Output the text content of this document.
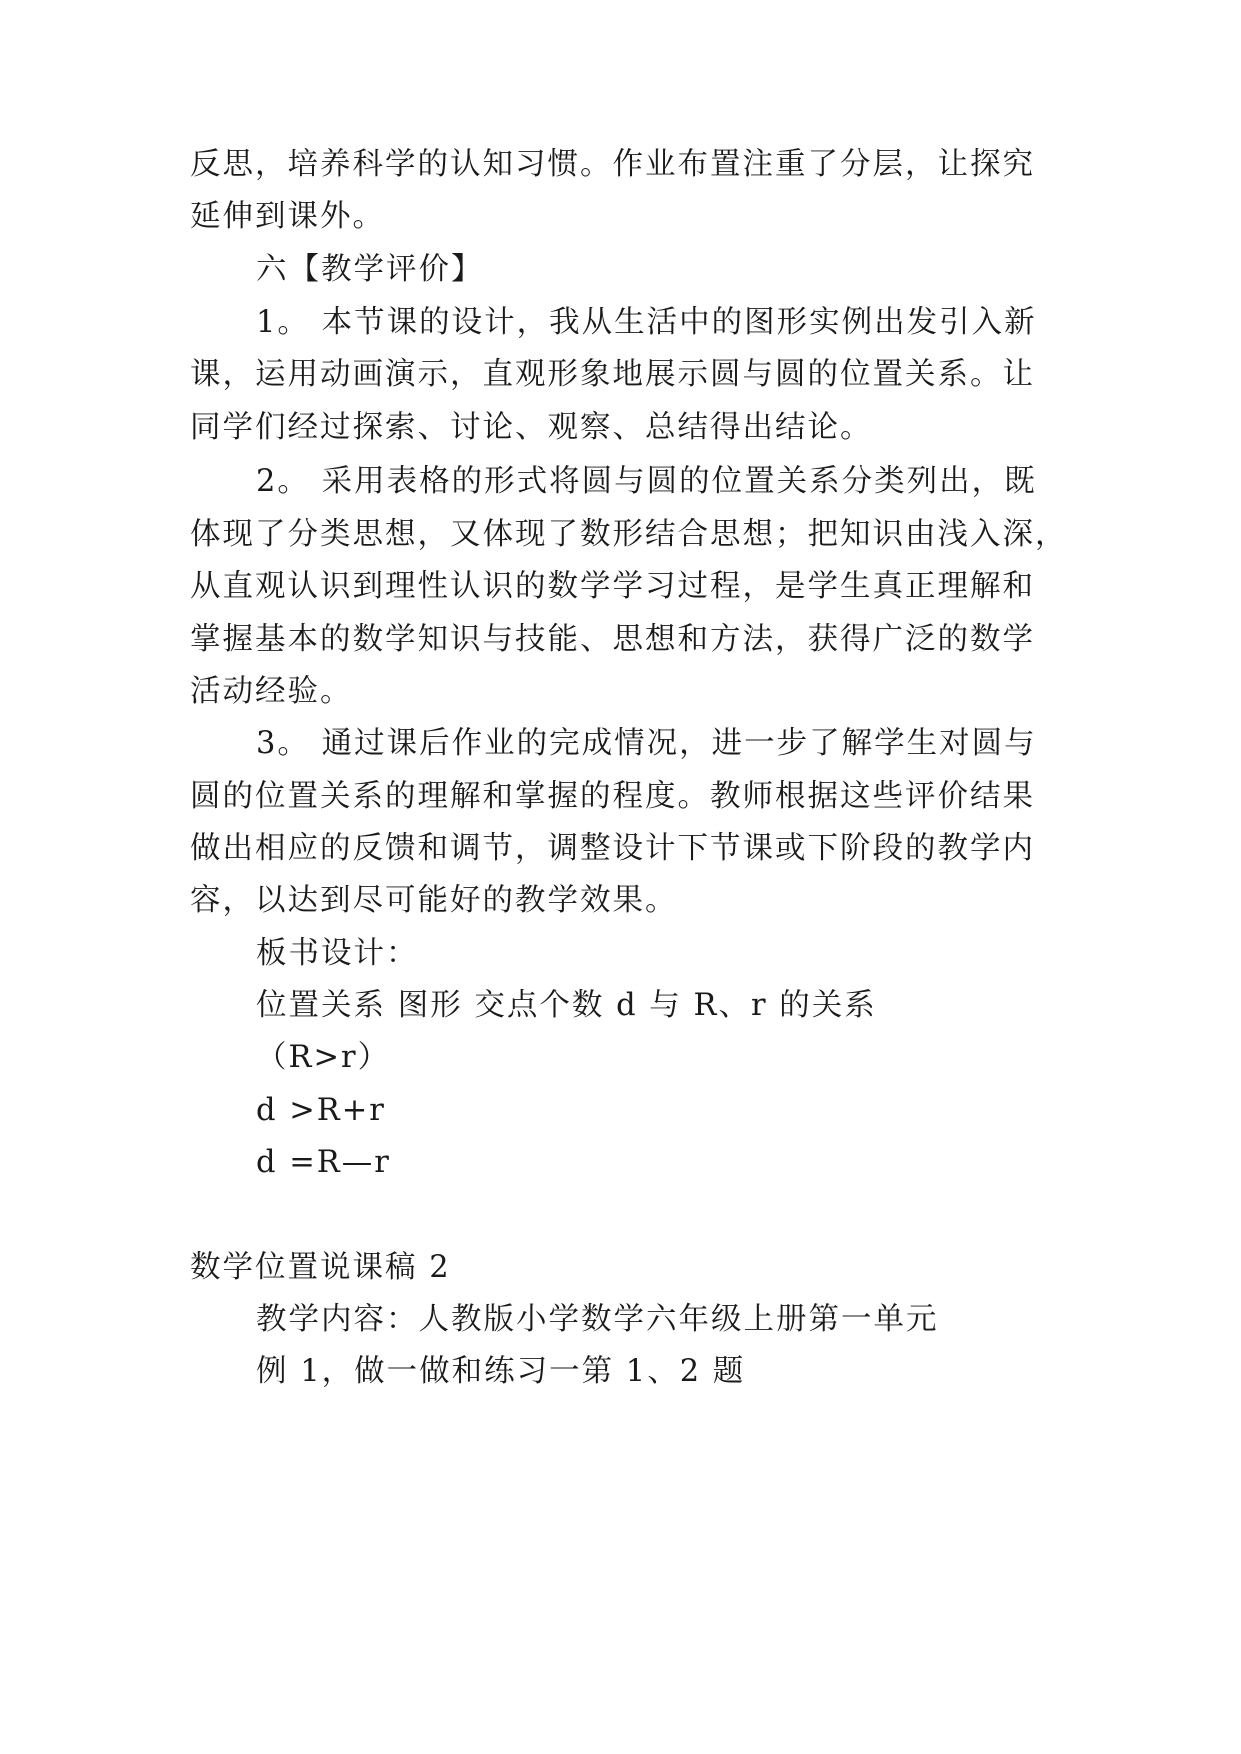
反思，培养科学的认知习惯。作业布置注重了分层，让探究
延伸到课外。
六【教学评价】
1。 本节课的设计，我从生活中的图形实例出发引入新
课，运用动画演示，直观形象地展示圆与圆的位置关系。让
同学们经过探索、讨论、观察、总结得出结论。
2。 采用表格的形式将圆与圆的位置关系分类列出，既
体现了分类思想，又体现了数形结合思想；把知识由浅入深，
从直观认识到理性认识的数学学习过程，是学生真正理解和
掌握基本的数学知识与技能、思想和方法，获得广泛的数学
活动经验。
3。 通过课后作业的完成情况，进一步了解学生对圆与
圆的位置关系的理解和掌握的程度。教师根据这些评价结果
做出相应的反馈和调节，调整设计下节课或下阶段的教学内
容，以达到尽可能好的教学效果。
板书设计：
位置关系 图形 交点个数 d 与 R、r 的关系
（R>r）
d >R+r
d =R—r
数学位置说课稿 2
教学内容：人教版小学数学六年级上册第一单元
例 1，做一做和练习一第 1、2 题
